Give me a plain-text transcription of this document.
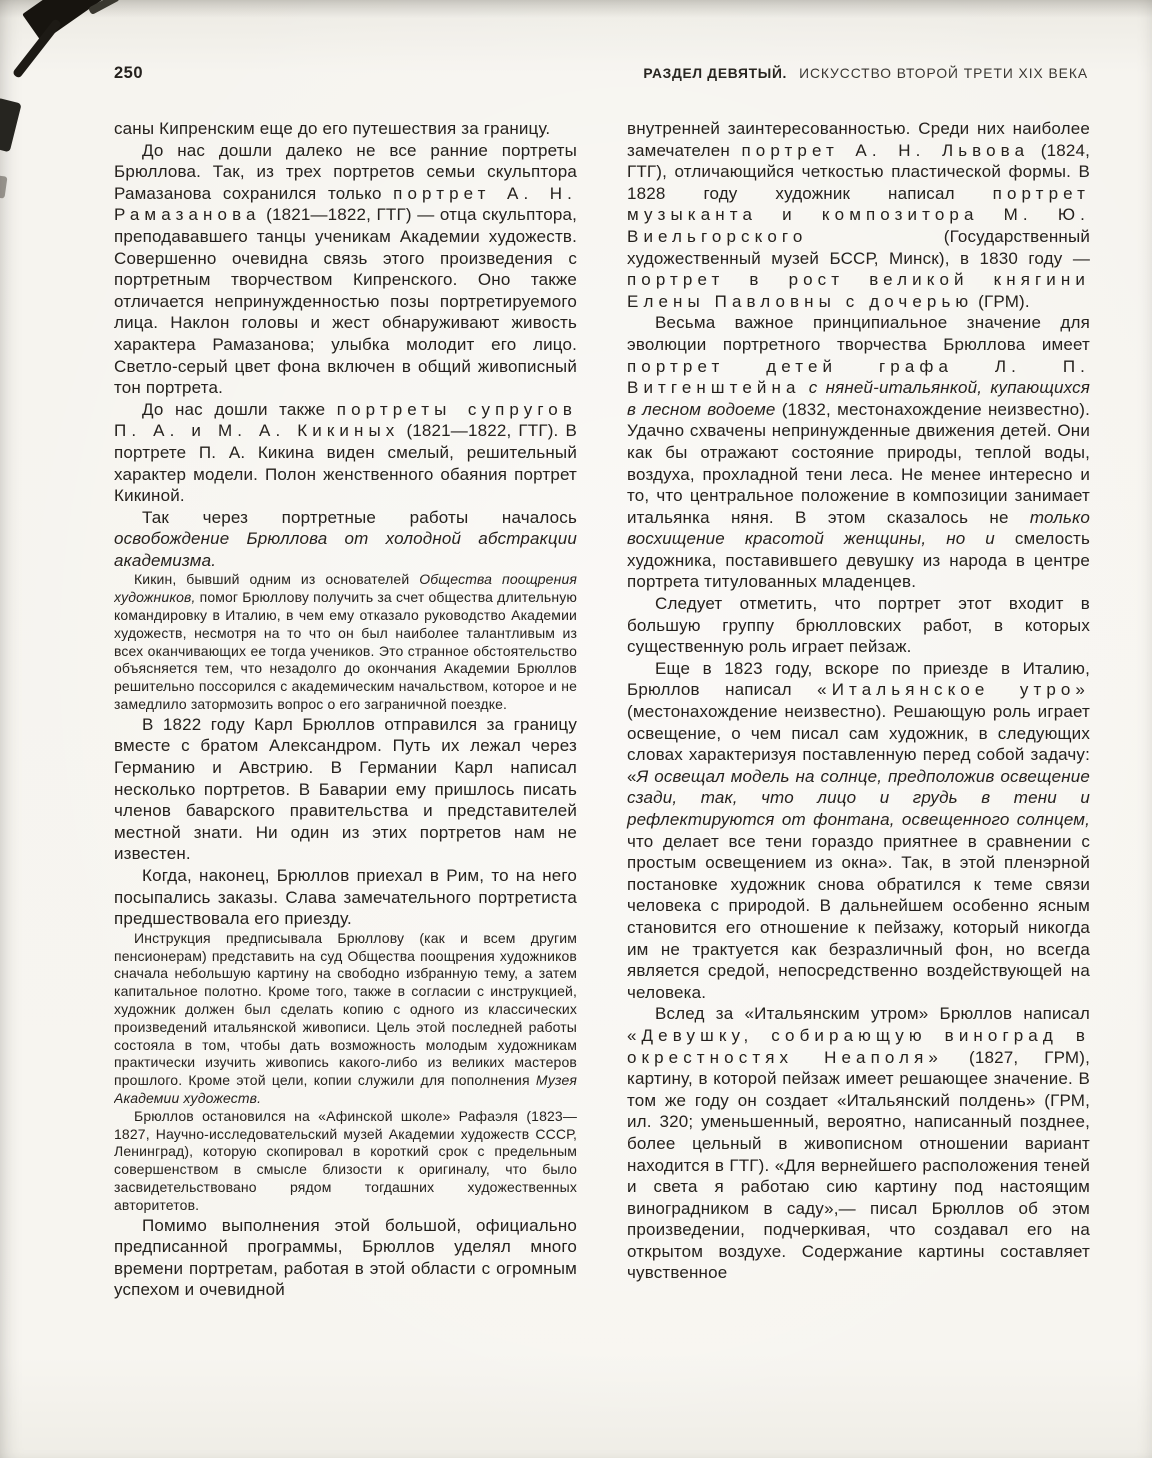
250	РАЗДЕЛ ДЕВЯТЫЙ. ИСКУССТВО ВТОРОЙ ТРЕТИ XIX ВЕКА

саны Кипренским еще до его путешествия за границу.

До нас дошли далеко не все ранние портреты Брюллова. Так, из трех портретов семьи скульптора Рамазанова сохранился только портрет А. Н. Рамазанова (1821—1822, ГТГ) — отца скульптора, преподававшего танцы ученикам Академии художеств. Совершенно очевидна связь этого произведения с портретным творчеством Кипренского. Оно также отличается непринужденностью позы портретируемого лица. Наклон головы и жест обнаруживают живость характера Рамазанова; улыбка молодит его лицо. Светло-серый цвет фона включен в общий живописный тон портрета.

До нас дошли также портреты супругов П. А. и М. А. Кикиных (1821—1822, ГТГ). В портрете П. А. Кикина виден смелый, решительный характер модели. Полон женственного обаяния портрет Кикиной.

Так через портретные работы началось освобождение Брюллова от холодной абстракции академизма.

Кикин, бывший одним из основателей Общества поощрения художников, помог Брюллову получить за счет общества длительную командировку в Италию, в чем ему отказало руководство Академии художеств, несмотря на то что он был наиболее талантливым из всех оканчивающих ее тогда учеников. Это странное обстоятельство объясняется тем, что незадолго до окончания Академии Брюллов решительно поссорился с академическим начальством, которое и не замедлило затормозить вопрос о его заграничной поездке.

В 1822 году Карл Брюллов отправился за границу вместе с братом Александром. Путь их лежал через Германию и Австрию. В Германии Карл написал несколько портретов. В Баварии ему пришлось писать членов баварского правительства и представителей местной знати. Ни один из этих портретов нам не известен.

Когда, наконец, Брюллов приехал в Рим, то на него посыпались заказы. Слава замечательного портретиста предшествовала его приезду.

Инструкция предписывала Брюллову (как и всем другим пенсионерам) представить на суд Общества поощрения художников сначала небольшую картину на свободно избранную тему, а затем капитальное полотно. Кроме того, также в согласии с инструкцией, художник должен был сделать копию с одного из классических произведений итальянской живописи. Цель этой последней работы состояла в том, чтобы дать возможность молодым художникам практически изучить живопись какого-либо из великих мастеров прошлого. Кроме этой цели, копии служили для пополнения Музея Академии художеств.

Брюллов остановился на «Афинской школе» Рафаэля (1823—1827, Научно-исследовательский музей Академии художеств СССР, Ленинград), которую скопировал в короткий срок с предельным совершенством в смысле близости к оригиналу, что было засвидетельствовано рядом тогдашних художественных авторитетов.

Помимо выполнения этой большой, официально предписанной программы, Брюллов уделял много времени портретам, работая в этой области с огромным успехом и очевидной

внутренней заинтересованностью. Среди них наиболее замечателен портрет А. Н. Львова (1824, ГТГ), отличающийся четкостью пластической формы. В 1828 году художник написал портрет музыканта и композитора М. Ю. Виельгорского (Государственный художественный музей БССР, Минск), в 1830 году — портрет в рост великой княгини Елены Павловны с дочерью (ГРМ).

Весьма важное принципиальное значение для эволюции портретного творчества Брюллова имеет портрет детей графа Л. П. Витгенштейна с няней-итальянкой, купающихся в лесном водоеме (1832, местонахождение неизвестно). Удачно схвачены непринужденные движения детей. Они как бы отражают состояние природы, теплой воды, воздуха, прохладной тени леса. Не менее интересно и то, что центральное положение в композиции занимает итальянка няня. В этом сказалось не только восхищение красотой женщины, но и смелость художника, поставившего девушку из народа в центре портрета титулованных младенцев.

Следует отметить, что портрет этот входит в большую группу брюлловских работ, в которых существенную роль играет пейзаж.

Еще в 1823 году, вскоре по приезде в Италию, Брюллов написал «Итальянское утро» (местонахождение неизвестно). Решающую роль играет освещение, о чем писал сам художник, в следующих словах характеризуя поставленную перед собой задачу: «Я освещал модель на солнце, предположив освещение сзади, так, что лицо и грудь в тени и рефлектируются от фонтана, освещенного солнцем, что делает все тени гораздо приятнее в сравнении с простым освещением из окна». Так, в этой пленэрной постановке художник снова обратился к теме связи человека с природой. В дальнейшем особенно ясным становится его отношение к пейзажу, который никогда им не трактуется как безразличный фон, но всегда является средой, непосредственно воздействующей на человека.

Вслед за «Итальянским утром» Брюллов написал «Девушку, собирающую виноград в окрестностях Неаполя» (1827, ГРМ), картину, в которой пейзаж имеет решающее значение. В том же году он создает «Итальянский полдень» (ГРМ, ил. 320; уменьшенный, вероятно, написанный позднее, более цельный в живописном отношении вариант находится в ГТГ). «Для вернейшего расположения теней и света я работаю сию картину под настоящим виноградником в саду»,— писал Брюллов об этом произведении, подчеркивая, что создавал его на открытом воздухе. Содержание картины составляет чувственное
